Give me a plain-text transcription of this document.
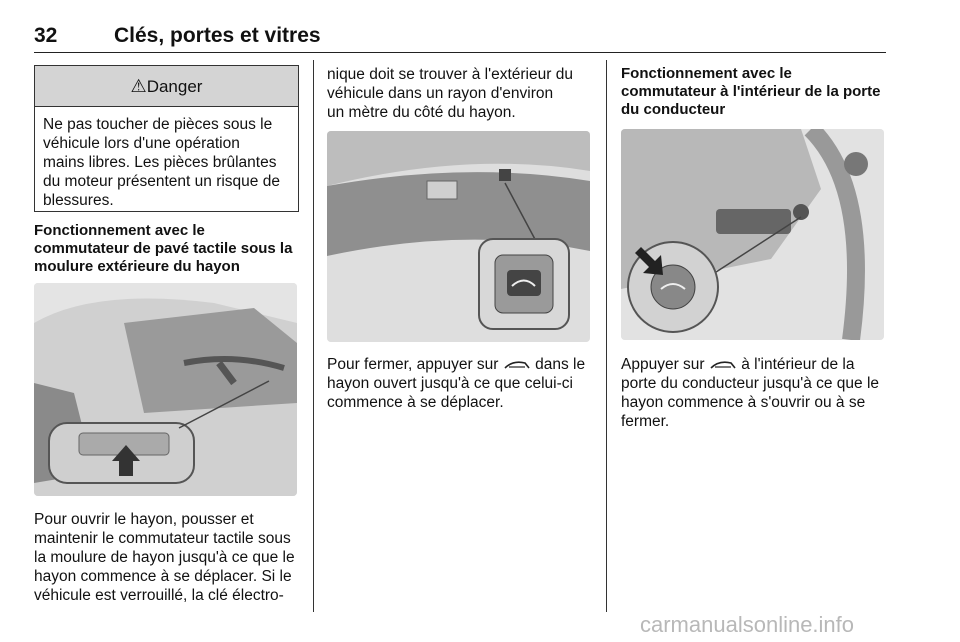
32	Clés, portes et vitres
⚠Danger

Ne pas toucher de pièces sous le

véhicule lors d'une opération

mains libres. Les pièces brûlantes

du moteur présentent un risque de

blessures.

Fonctionnement avec le

commutateur de pavé tactile sous la

moulure extérieure du hayon

Pour ouvrir le hayon, pousser et

maintenir le commutateur tactile sous

la moulure de hayon jusqu'à ce que le

hayon commence à se déplacer. Si le

véhicule est verrouillé, la clé électro-

nique doit se trouver à l'extérieur du

véhicule dans un rayon d'environ

un mètre du côté du hayon.

Pour fermer, appuyer sur dans le

hayon ouvert jusqu'à ce que celui-ci

commence à se déplacer.

Fonctionnement avec le

commutateur à l'intérieur de la porte

du conducteur

Appuyer sur à l'intérieur de la

porte du conducteur jusqu'à ce que le

hayon commence à s'ouvrir ou à se

fermer.

carmanualsonline.info
